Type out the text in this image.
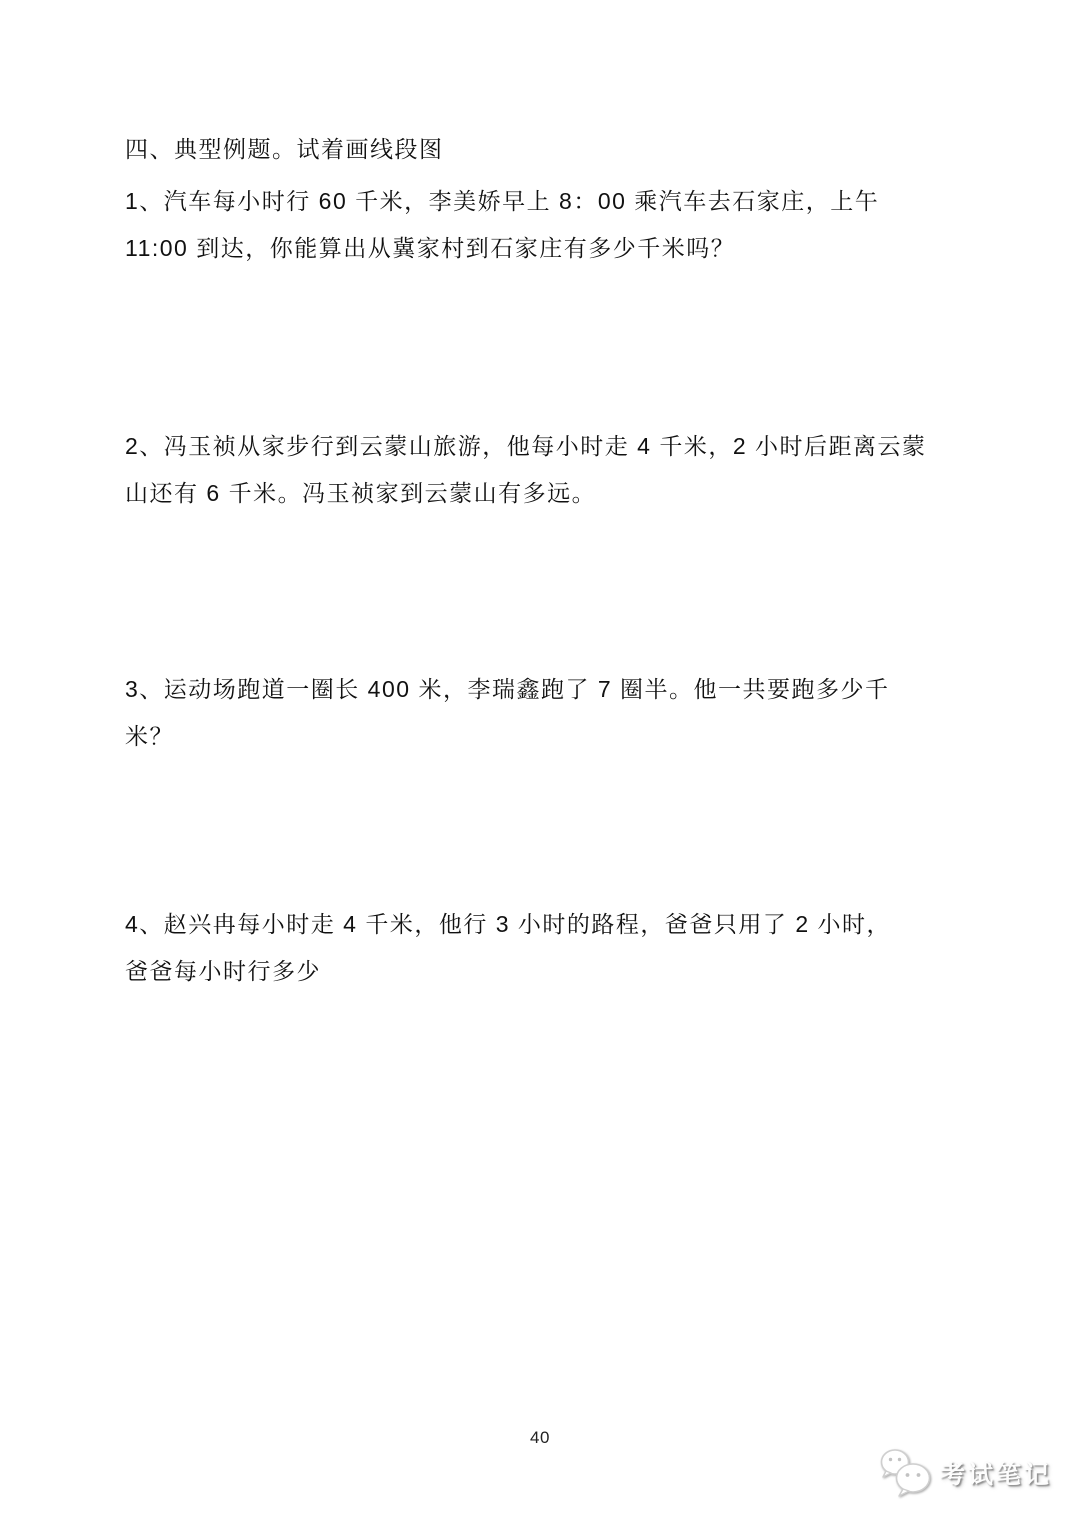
四、典型例题。试着画线段图
1、汽车每小时行 60 千米，李美娇早上 8：00 乘汽车去石家庄，上午
11:00 到达，你能算出从冀家村到石家庄有多少千米吗？
2、冯玉祯从家步行到云蒙山旅游，他每小时走 4 千米，2 小时后距离云蒙
山还有 6 千米。冯玉祯家到云蒙山有多远。
3、运动场跑道一圈长 400 米，李瑞鑫跑了 7 圈半。他一共要跑多少千
米？
4、赵兴冉每小时走 4 千米，他行 3 小时的路程，爸爸只用了 2 小时，
爸爸每小时行多少
40
考试笔记
